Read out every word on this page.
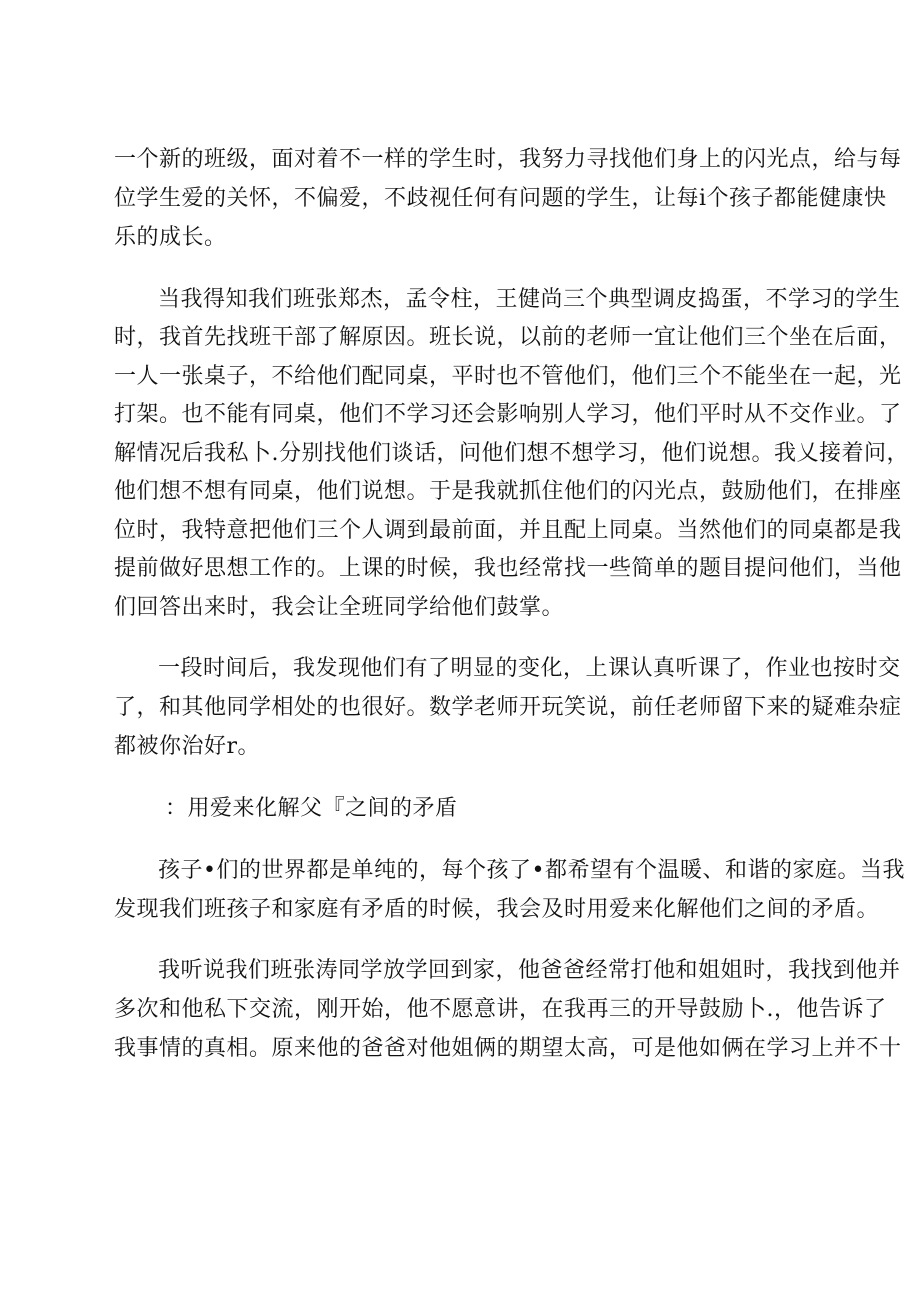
一个新的班级，面对着不一样的学生时，我努力寻找他们身上的闪光点，给与每
位学生爱的关怀，不偏爱，不歧视任何有问题的学生，让每i个孩子都能健康快
乐的成长。
当我得知我们班张郑杰，孟令柱，王健尚三个典型调皮捣蛋，不学习的学生
时，我首先找班干部了解原因。班长说，以前的老师一宜让他们三个坐在后面，
一人一张桌子，不给他们配同桌，平时也不管他们，他们三个不能坐在一起，光
打架。也不能有同桌，他们不学习还会影响别人学习，他们平时从不交作业。了
解情况后我私卜.分别找他们谈话，问他们想不想学习，他们说想。我乂接着问，
他们想不想有同桌，他们说想。于是我就抓住他们的闪光点，鼓励他们，在排座
位时，我特意把他们三个人调到最前面，并且配上同桌。当然他们的同桌都是我
提前做好思想工作的。上课的时候，我也经常找一些简单的题目提问他们，当他
们回答出来时，我会让全班同学给他们鼓掌。
一段时间后，我发现他们有了明显的变化，上课认真听课了，作业也按时交
了，和其他同学相处的也很好。数学老师开玩笑说，前任老师留下来的疑难杂症
都被你治好r。
：用爱来化解父『之间的矛盾
孩子•们的世界都是单纯的，每个孩了•都希望有个温暖、和谐的家庭。当我
发现我们班孩子和家庭有矛盾的时候，我会及时用爱来化解他们之间的矛盾。
我听说我们班张涛同学放学回到家，他爸爸经常打他和姐姐时，我找到他并
多次和他私下交流，刚开始，他不愿意讲，在我再三的开导鼓励卜.，他告诉了
我事情的真相。原来他的爸爸对他姐俩的期望太高，可是他如俩在学习上并不十
